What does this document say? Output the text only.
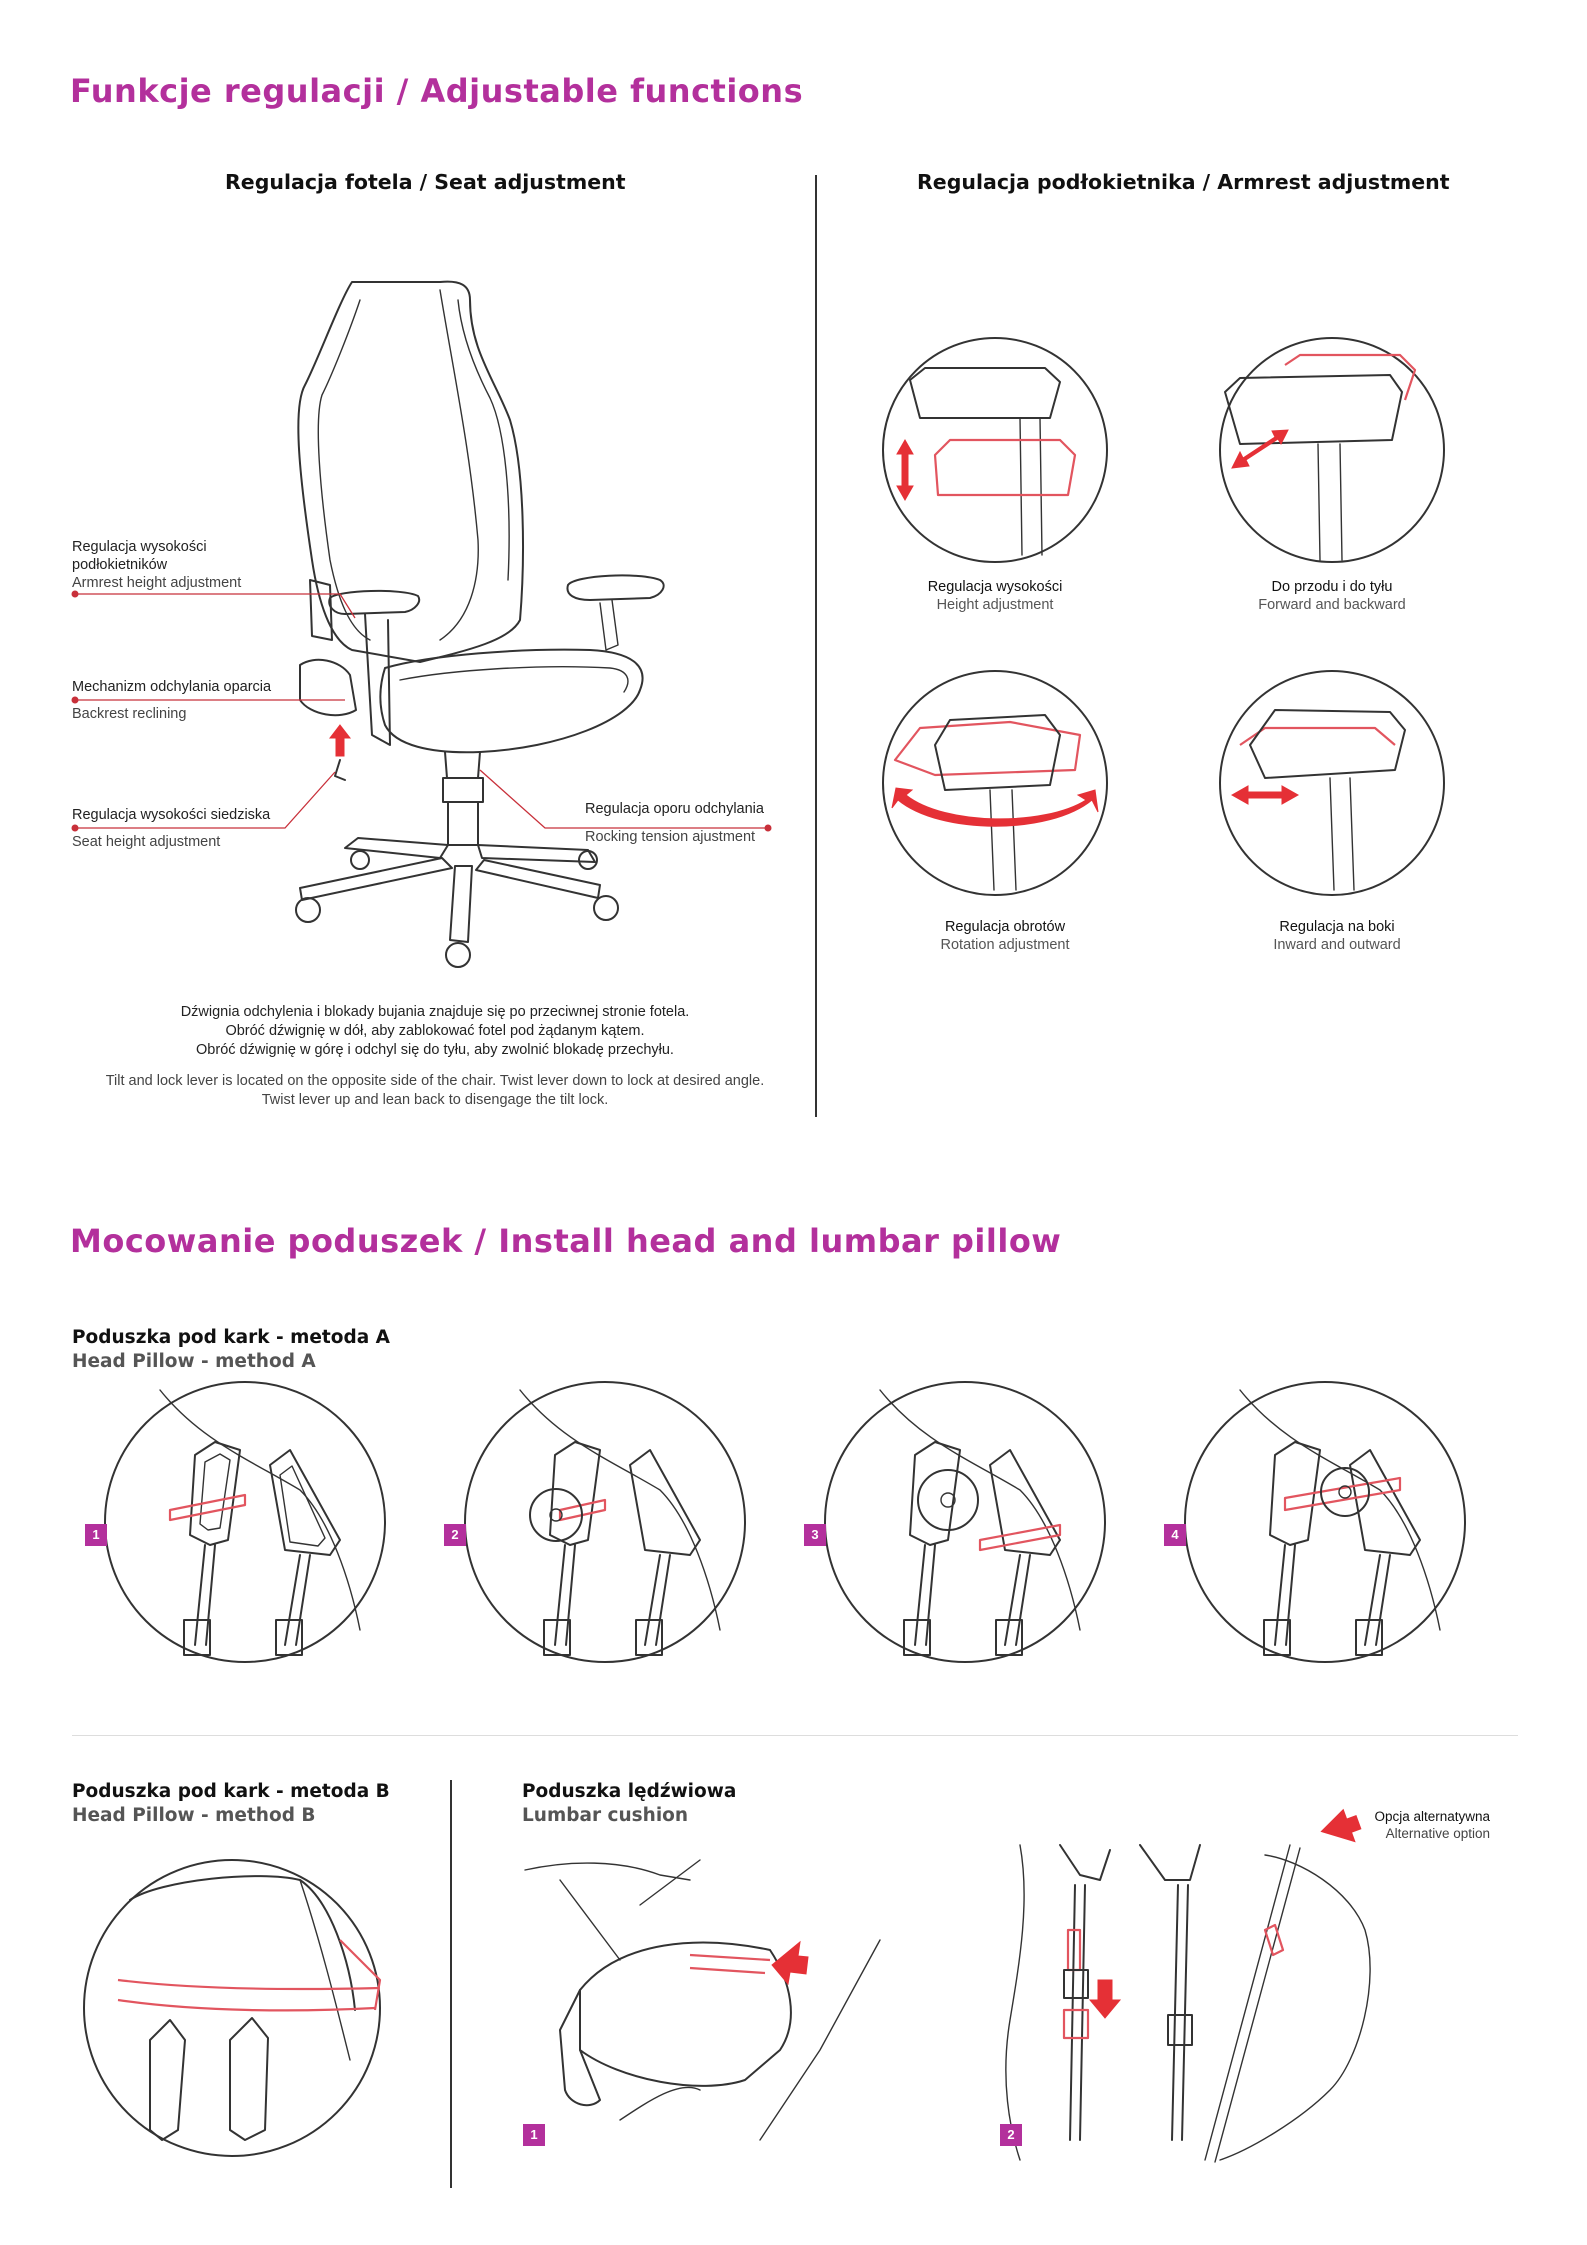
Funkcje regulacji / Adjustable functions
Regulacja fotela / Seat adjustment	Regulacja podłokietnika / Armrest adjustment
Regulacja wysokości
podłokietników
Armrest height adjustment
Mechanizm odchylania oparcia
Backrest reclining
Regulacja wysokości siedziska
Seat height adjustment
Regulacja oporu odchylania
Rocking tension ajustment
Dźwignia odchylenia i blokady bujania znajduje się po przeciwnej stronie fotela.
Obróć dźwignię w dół, aby zablokować fotel pod żądanym kątem.
Obróć dźwignię w górę i odchyl się do tyłu, aby zwolnić blokadę przechyłu.
Tilt and lock lever is located on the opposite side of the chair. Twist lever down to lock at desired angle.
Twist lever up and lean back to disengage the tilt lock.
Regulacja wysokości
Height adjustment
Do przodu i do tyłu
Forward and backward
Regulacja obrotów
Rotation adjustment
Regulacja na boki
Inward and outward
Mocowanie poduszek / Install head and lumbar pillow
Poduszka pod kark - metoda A
Head Pillow - method A
1	2	3	4
Poduszka pod kark - metoda B
Head Pillow - method B
Poduszka lędźwiowa
Lumbar cushion	Opcja alternatywna
Alternative option
1	2
